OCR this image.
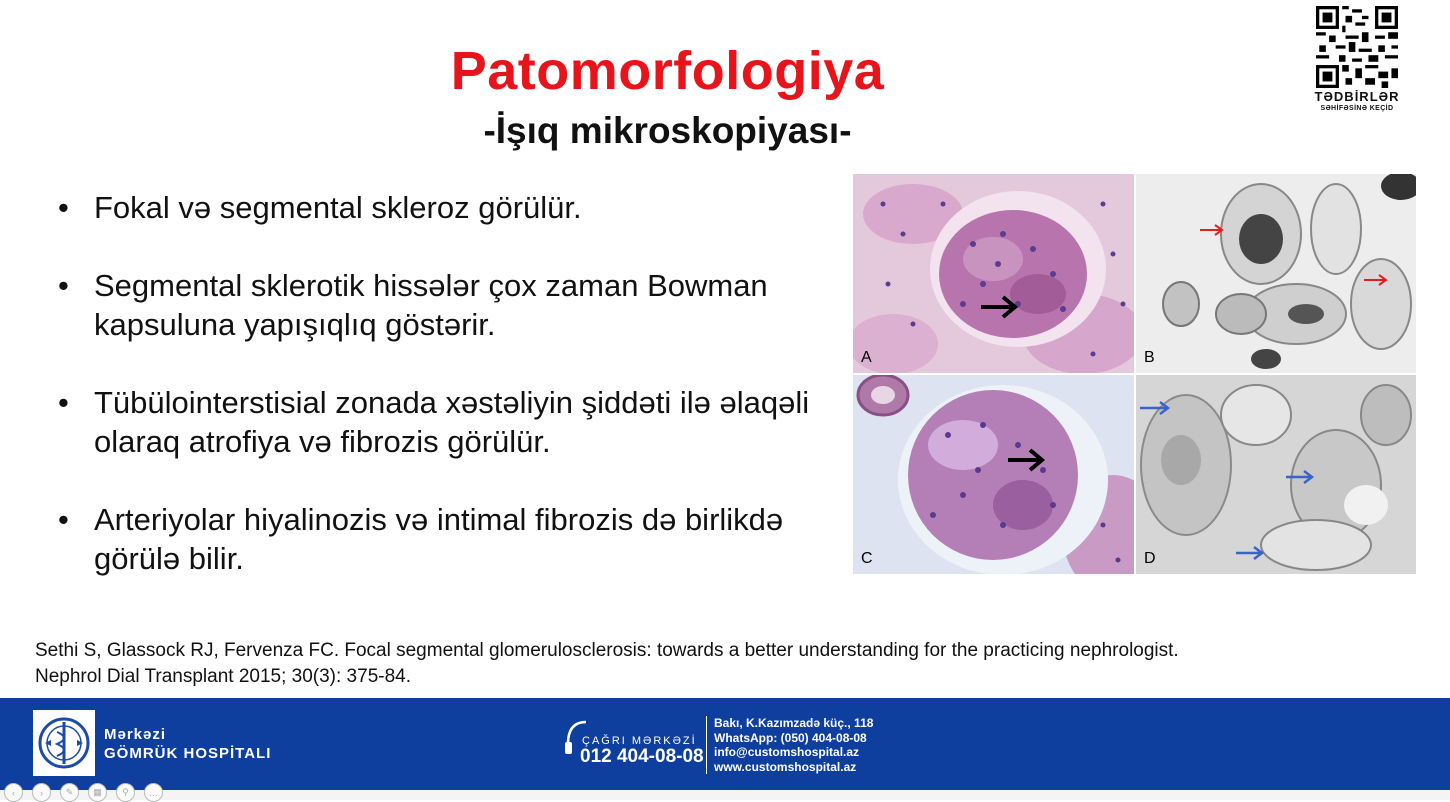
Patomorfologiya
-İşıq mikroskopiyası-
TƏDBİRLƏR
SƏHİFƏSİNƏ KEÇİD
• Fokal və segmental skleroz görülür.
• Segmental sklerotik hissələr çox zaman Bowman kapsuluna yapışıqlıq göstərir.
• Tübülointerstisial zonada xəstəliyin şiddəti ilə əlaqəli olaraq atrofiya və fibrozis görülür.
• Arteriyolar hiyalinozis və intimal fibrozis də birlikdə görülə bilir.
A	B
C	D
Sethi S, Glassock RJ, Fervenza FC. Focal segmental glomerulosclerosis: towards a better understanding for the practicing nephrologist.
Nephrol Dial Transplant 2015; 30(3): 375-84.
Mərkəzi
GÖMRÜK HOSPİTALI
ÇAĞRI MƏRKƏZİ
012 404-08-08
Bakı, K.Kazımzadə küç., 118
WhatsApp: (050) 404-08-08
info@customshospital.az
www.customshospital.az
‹	›	✎	▦	⚲	…
